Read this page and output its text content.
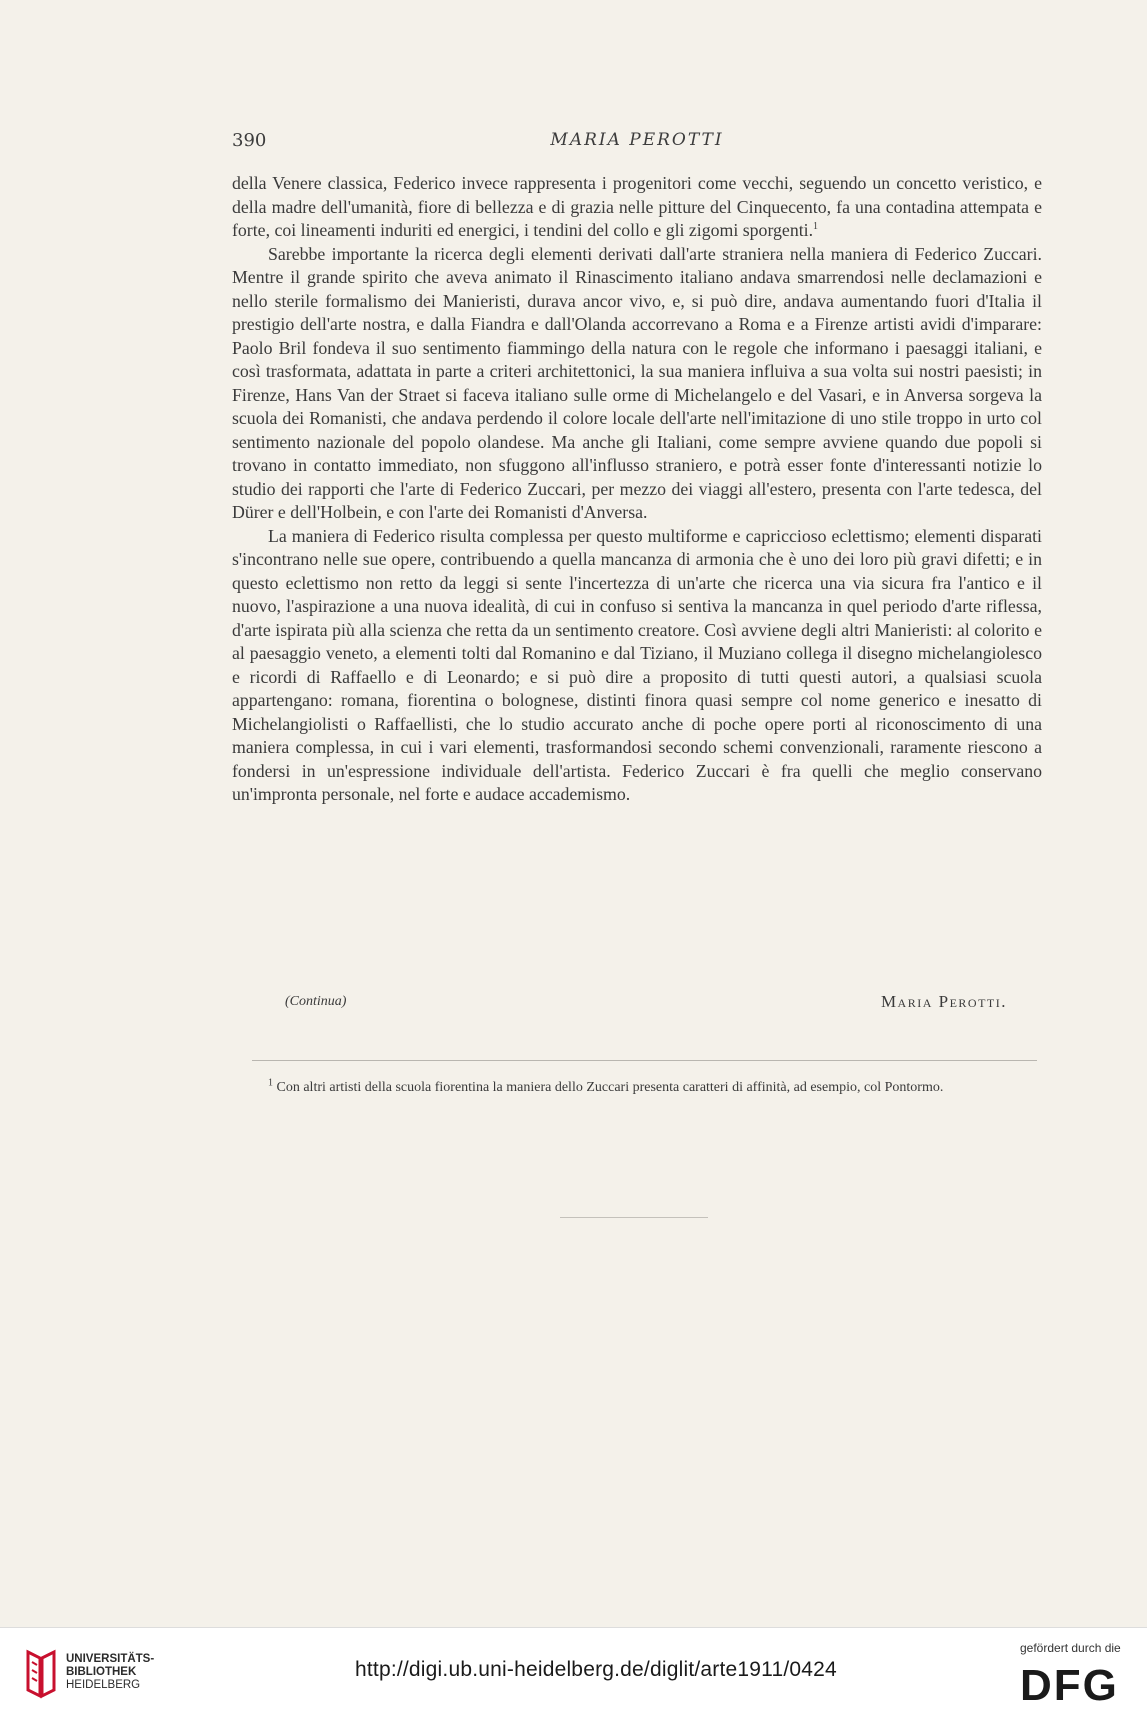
390	MARIA PEROTTI

della Venere classica, Federico invece rappresenta i progenitori come vecchi, seguendo un concetto veristico, e della madre dell'umanità, fiore di bellezza e di grazia nelle pitture del Cinquecento, fa una contadina attempata e forte, coi lineamenti induriti ed energici, i tendini del collo e gli zigomi sporgenti.$^1$

Sarebbe importante la ricerca degli elementi derivati dall'arte straniera nella maniera di Federico Zuccari. Mentre il grande spirito che aveva animato il Rinascimento italiano andava smarrendosi nelle declamazioni e nello sterile formalismo dei Manieristi, durava ancor vivo, e, si può dire, andava aumentando fuori d'Italia il prestigio dell'arte nostra, e dalla Fiandra e dall'Olanda accorrevano a Roma e a Firenze artisti avidi d'imparare: Paolo Bril fondeva il suo sentimento fiammingo della natura con le regole che informano i paesaggi italiani, e così trasformata, adattata in parte a criteri architettonici, la sua maniera influiva a sua volta sui nostri paesisti; in Firenze, Hans Van der Straet si faceva italiano sulle orme di Michelangelo e del Vasari, e in Anversa sorgeva la scuola dei Romanisti, che andava perdendo il colore locale dell'arte nell'imitazione di uno stile troppo in urto col sentimento nazionale del popolo olandese. Ma anche gli Italiani, come sempre avviene quando due popoli si trovano in contatto immediato, non sfuggono all'influsso straniero, e potrà esser fonte d'interessanti notizie lo studio dei rapporti che l'arte di Federico Zuccari, per mezzo dei viaggi all'estero, presenta con l'arte tedesca, del Dürer e dell'Holbein, e con l'arte dei Romanisti d'Anversa.

La maniera di Federico risulta complessa per questo multiforme e capriccioso eclettismo; elementi disparati s'incontrano nelle sue opere, contribuendo a quella mancanza di armonia che è uno dei loro più gravi difetti; e in questo eclettismo non retto da leggi si sente l'incertezza di un'arte che ricerca una via sicura fra l'antico e il nuovo, l'aspirazione a una nuova idealità, di cui in confuso si sentiva la mancanza in quel periodo d'arte riflessa, d'arte ispirata più alla scienza che retta da un sentimento creatore. Così avviene degli altri Manieristi: al colorito e al paesaggio veneto, a elementi tolti dal Romanino e dal Tiziano, il Muziano collega il disegno michelangiolesco e ricordi di Raffaello e di Leonardo; e si può dire a proposito di tutti questi autori, a qualsiasi scuola appartengano: romana, fiorentina o bolognese, distinti finora quasi sempre col nome generico e inesatto di Michelangiolisti o Raffaellisti, che lo studio accurato anche di poche opere porti al riconoscimento di una maniera complessa, in cui i vari elementi, trasformandosi secondo schemi convenzionali, raramente riescono a fondersi in un'espressione individuale dell'artista. Federico Zuccari è fra quelli che meglio conservano un'impronta personale, nel forte e audace accademismo.

(Continua)	Maria Perotti.
$^1$ Con altri artisti della scuola fiorentina la maniera dello Zuccari presenta caratteri di affinità, ad esempio, col Pontormo.
UNIVERSITÄTS-
BIBLIOTHEK
HEIDELBERG
http://digi.ub.uni-heidelberg.de/diglit/arte1911/0424
gefördert durch die
DFG
